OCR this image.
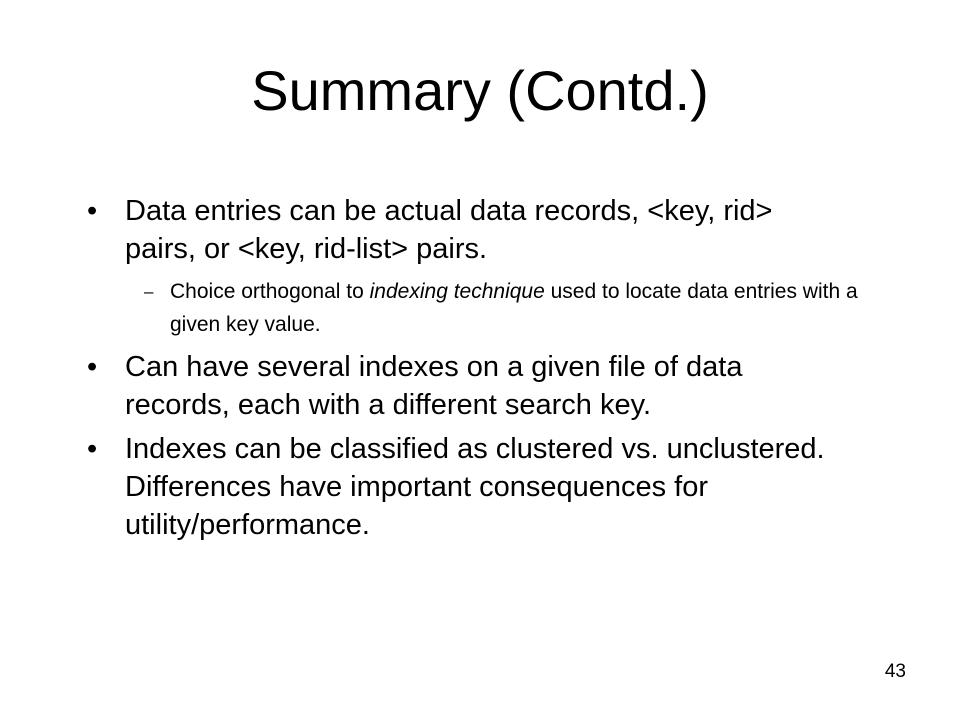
Summary (Contd.)
• Data entries can be actual data records, <key, rid> pairs, or <key, rid-list> pairs.
– Choice orthogonal to indexing technique used to locate data entries with a given key value.
• Can have several indexes on a given file of data records, each with a different search key.
• Indexes can be classified as clustered vs. unclustered. Differences have important consequences for utility/performance.
43
